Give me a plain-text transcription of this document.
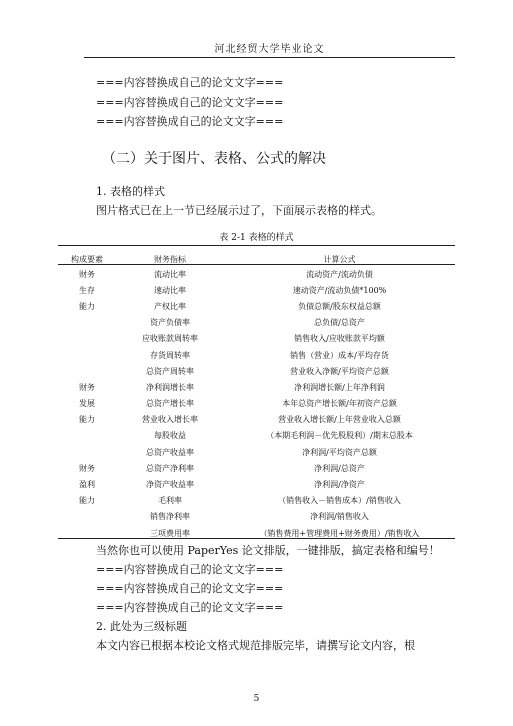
河北经贸大学毕业论文
===内容替换成自己的论文文字===
===内容替换成自己的论文文字===
===内容替换成自己的论文文字===
（二）关于图片、表格、公式的解决
1. 表格的样式
图片格式已在上一节已经展示过了，下面展示表格的样式。
表 2-1 表格的样式
构成要素	财务指标	计算公式
财务	流动比率	流动资产/流动负债
生存	速动比率	速动资产/流动负债*100%
能力	产权比率	负债总额/股东权益总额
	资产负债率	总负债/总资产
	应收账款周转率	销售收入/应收账款平均额
	存货周转率	销售（营业）成本/平均存货
	总资产周转率	营业收入净额/平均资产总额
财务	净利润增长率	净利润增长额/上年净利润
发展	总资产增长率	本年总资产增长额/年初资产总额
能力	营业收入增长率	营业收入增长额/上年营业收入总额
	每股收益	（本期毛利润－优先股股利）/期末总股本
	总资产收益率	净利润/平均资产总额
财务	总资产净利率	净利润/总资产
盈利	净资产收益率	净利润/净资产
能力	毛利率	（销售收入－销售成本）/销售收入
	销售净利率	净利润/销售收入
	三项费用率	（销售费用+管理费用+财务费用）/销售收入
当然你也可以使用 PaperYes 论文排版，一键排版，搞定表格和编号！
===内容替换成自己的论文文字===
===内容替换成自己的论文文字===
===内容替换成自己的论文文字===
2. 此处为三级标题
本文内容已根据本校论文格式规范排版完毕，请撰写论文内容，根
5
